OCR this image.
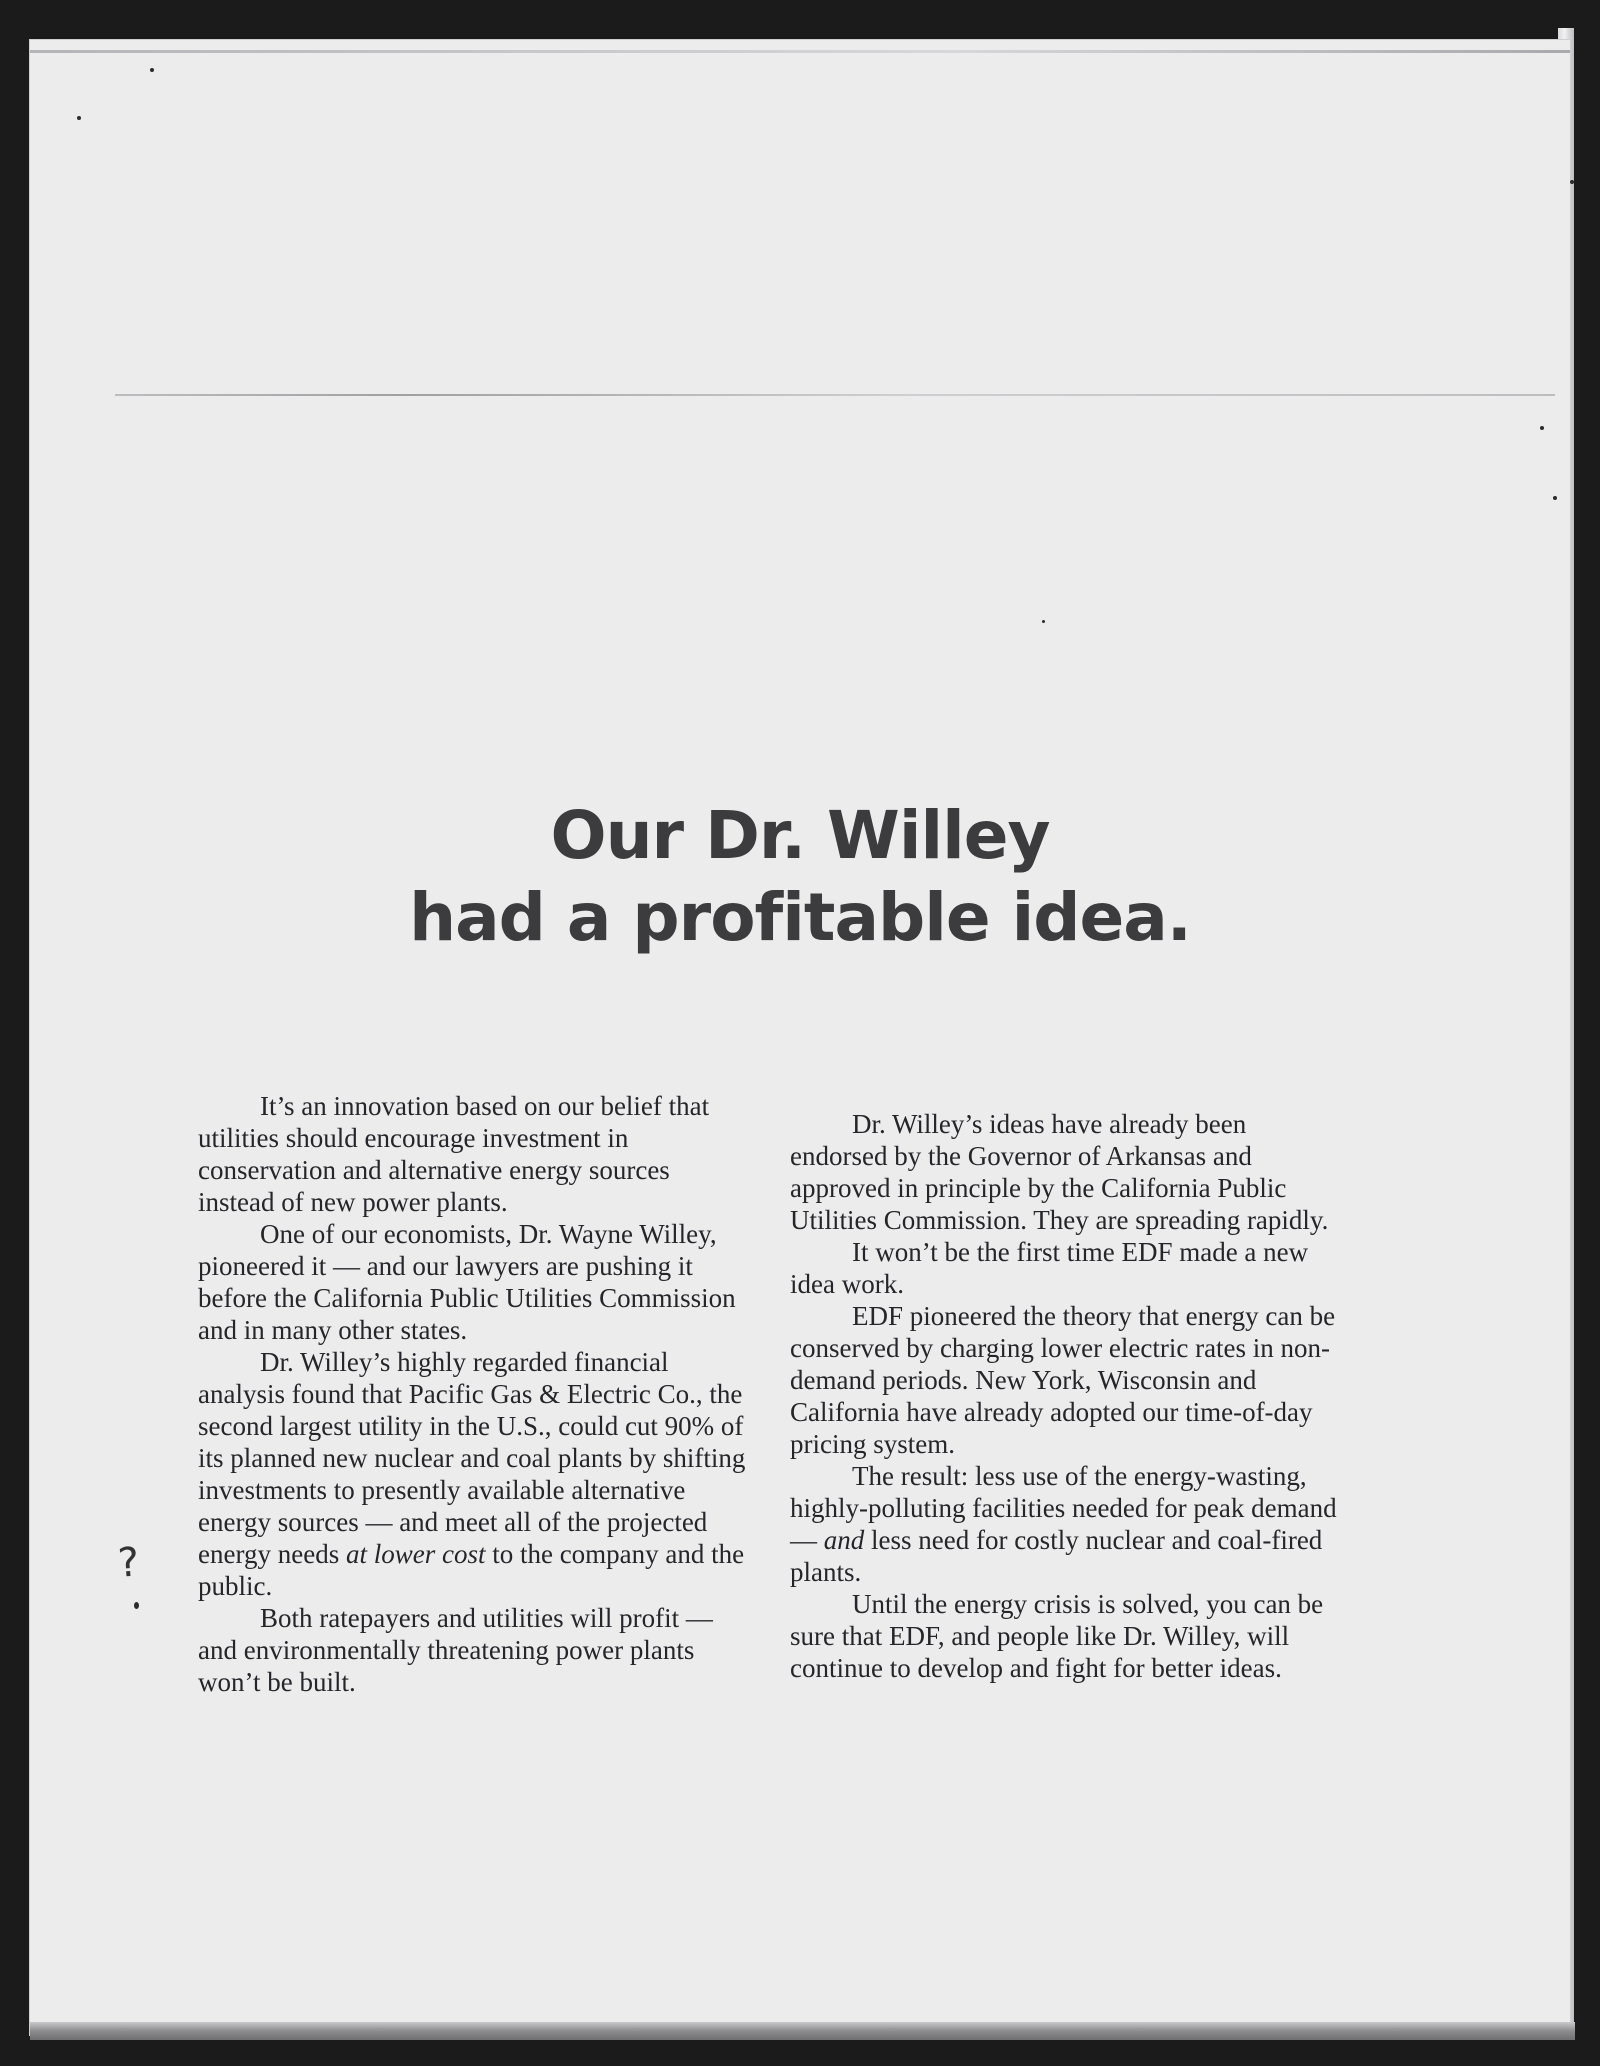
Our Dr. Willey
had a profitable idea.

It’s an innovation based on our belief that utilities should encourage investment in conservation and alternative energy sources instead of new power plants.

One of our economists, Dr. Wayne Willey, pioneered it — and our lawyers are pushing it before the California Public Utilities Commission and in many other states.

Dr. Willey’s highly regarded financial analysis found that Pacific Gas & Electric Co., the second largest utility in the U.S., could cut 90% of its planned new nuclear and coal plants by shifting investments to presently available alternative energy sources — and meet all of the projected energy needs at lower cost to the company and the public.

Both ratepayers and utilities will profit — and environmentally threatening power plants won’t be built.

Dr. Willey’s ideas have already been endorsed by the Governor of Arkansas and approved in principle by the California Public Utilities Commission. They are spreading rapidly.

It won’t be the first time EDF made a new idea work.

EDF pioneered the theory that energy can be conserved by charging lower electric rates in non-demand periods. New York, Wisconsin and California have already adopted our time-of-day pricing system.

The result: less use of the energy-wasting, highly-polluting facilities needed for peak demand — and less need for costly nuclear and coal-fired plants.

Until the energy crisis is solved, you can be sure that EDF, and people like Dr. Willey, will continue to develop and fight for better ideas.

?
